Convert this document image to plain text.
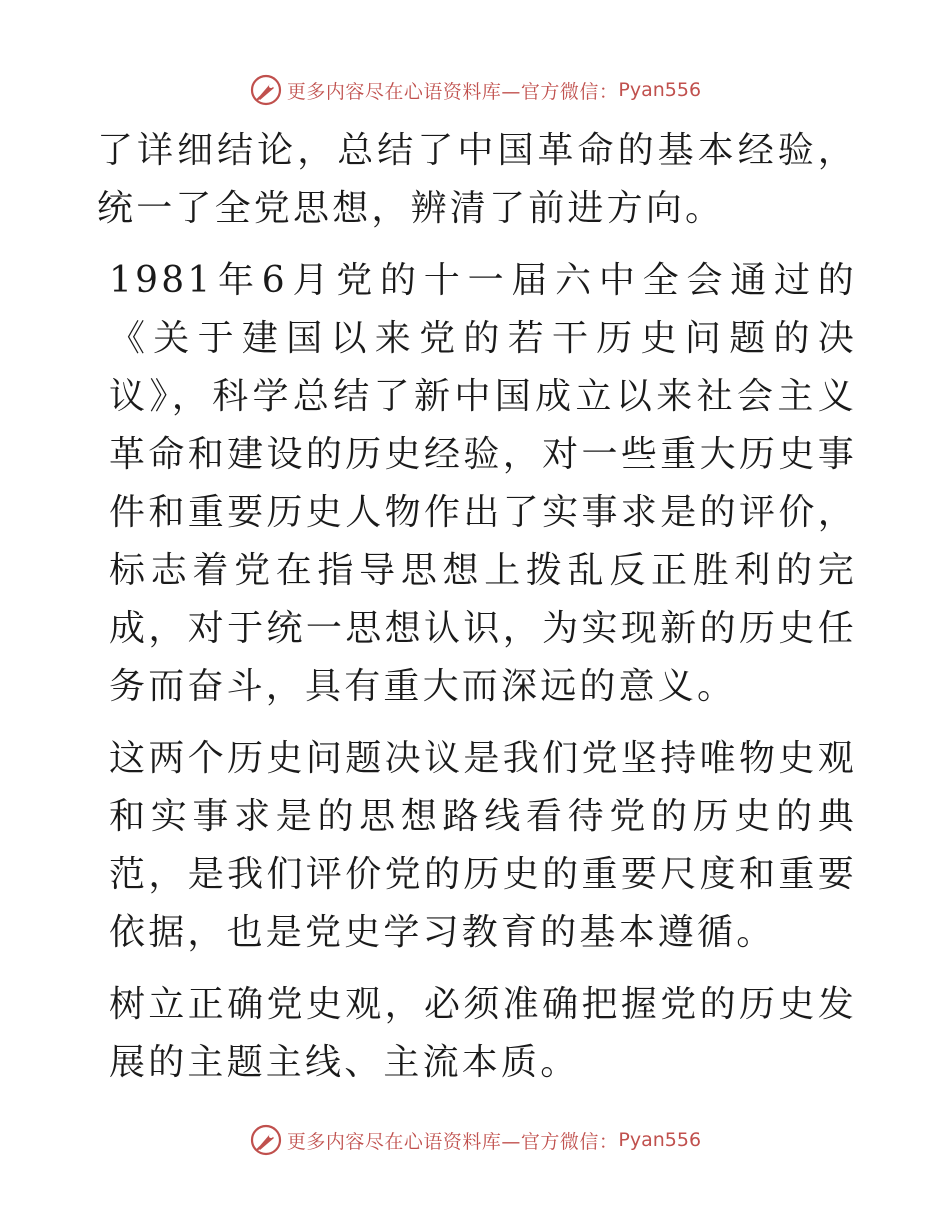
更多内容尽在心语资料库—官方微信： Pyan556

了详细结论，总结了中国革命的基本经验，统一了全党思想，辨清了前进方向。

1981年6月党的十一届六中全会通过的《关于建国以来党的若干历史问题的决议》，科学总结了新中国成立以来社会主义革命和建设的历史经验，对一些重大历史事件和重要历史人物作出了实事求是的评价，标志着党在指导思想上拨乱反正胜利的完成，对于统一思想认识，为实现新的历史任务而奋斗，具有重大而深远的意义。

这两个历史问题决议是我们党坚持唯物史观和实事求是的思想路线看待党的历史的典范，是我们评价党的历史的重要尺度和重要依据，也是党史学习教育的基本遵循。

树立正确党史观，必须准确把握党的历史发展的主题主线、主流本质。

更多内容尽在心语资料库—官方微信： Pyan556
